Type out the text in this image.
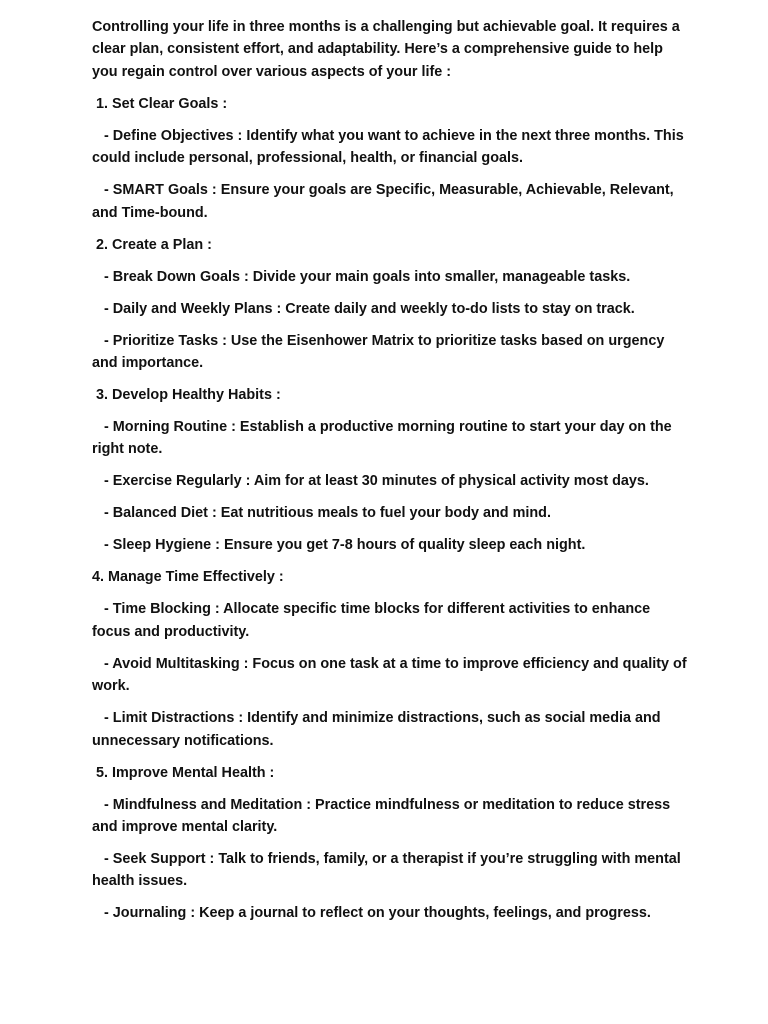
Controlling your life in three months is a challenging but achievable goal. It requires a clear plan, consistent effort, and adaptability. Here’s a comprehensive guide to help you regain control over various aspects of your life :

1. Set Clear Goals :

- Define Objectives : Identify what you want to achieve in the next three months. This could include personal, professional, health, or financial goals.

- SMART Goals : Ensure your goals are Specific, Measurable, Achievable, Relevant, and Time-bound.

2. Create a Plan :

- Break Down Goals : Divide your main goals into smaller, manageable tasks.

- Daily and Weekly Plans : Create daily and weekly to-do lists to stay on track.

- Prioritize Tasks : Use the Eisenhower Matrix to prioritize tasks based on urgency and importance.

3. Develop Healthy Habits :

- Morning Routine : Establish a productive morning routine to start your day on the right note.

- Exercise Regularly : Aim for at least 30 minutes of physical activity most days.

- Balanced Diet : Eat nutritious meals to fuel your body and mind.

- Sleep Hygiene : Ensure you get 7-8 hours of quality sleep each night.

4. Manage Time Effectively :

- Time Blocking : Allocate specific time blocks for different activities to enhance focus and productivity.

- Avoid Multitasking : Focus on one task at a time to improve efficiency and quality of work.

- Limit Distractions : Identify and minimize distractions, such as social media and unnecessary notifications.

5. Improve Mental Health :

- Mindfulness and Meditation : Practice mindfulness or meditation to reduce stress and improve mental clarity.

- Seek Support : Talk to friends, family, or a therapist if you’re struggling with mental health issues.

- Journaling : Keep a journal to reflect on your thoughts, feelings, and progress.
